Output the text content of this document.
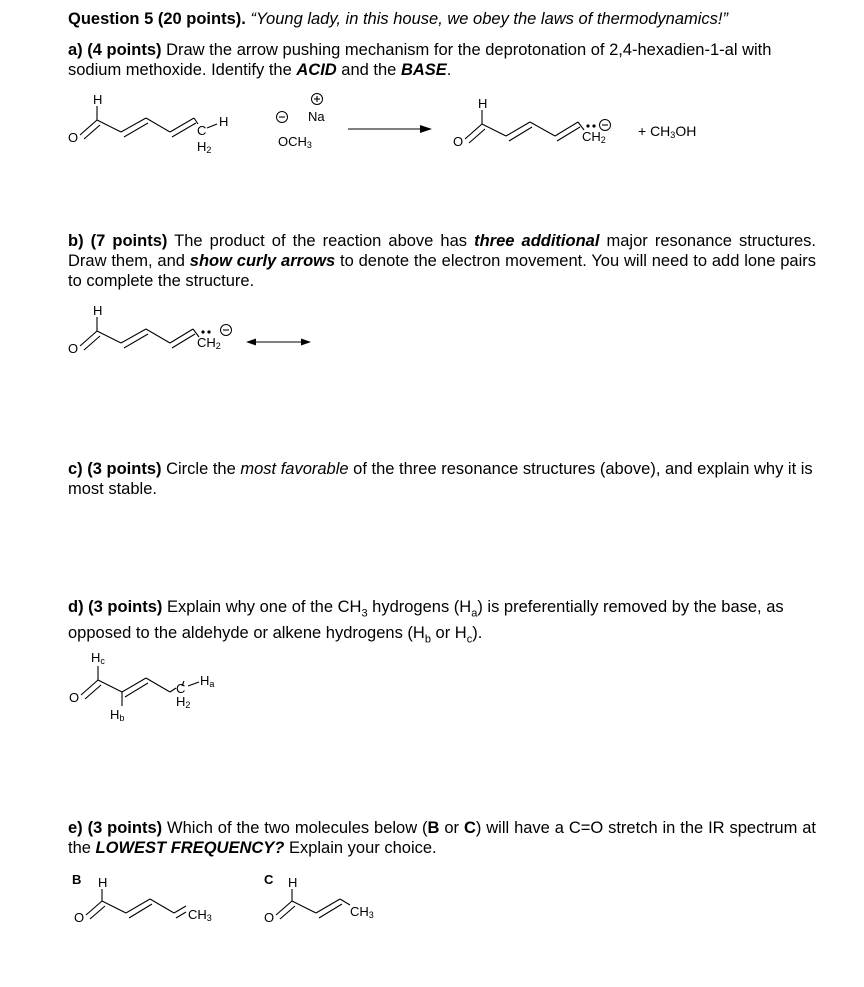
Question 5 (20 points). “Young lady, in this house, we obey the laws of thermodynamics!”

a) (4 points) Draw the arrow pushing mechanism for the deprotonation of 2,4-hexadien-1-al with sodium methoxide. Identify the ACID and the BASE.

b) (7 points) The product of the reaction above has three additional major resonance structures. Draw them, and show curly arrows to denote the electron movement. You will need to add lone pairs to complete the structure.

c) (3 points) Circle the most favorable of the three resonance structures (above), and explain why it is most stable.

d) (3 points) Explain why one of the $CH_3$ hydrogens $(H_a)$ is preferentially removed by the base, as opposed to the aldehyde or alkene hydrogens ($H_b$ or $H_c$).

e) (3 points) Which of the two molecules below (B or C) will have a C=O stretch in the IR spectrum at the LOWEST FREQUENCY? Explain your choice.

H
O	C
H
$H_2$
Na
$OCH_3$
H
O	$CH_2$
+ $CH_3OH$
H
O	$CH_2$
$H_c$
O
$H_b$
C
$H_a$
$H_2$
B H
O	$CH_3$
C H
O	$CH_3$
